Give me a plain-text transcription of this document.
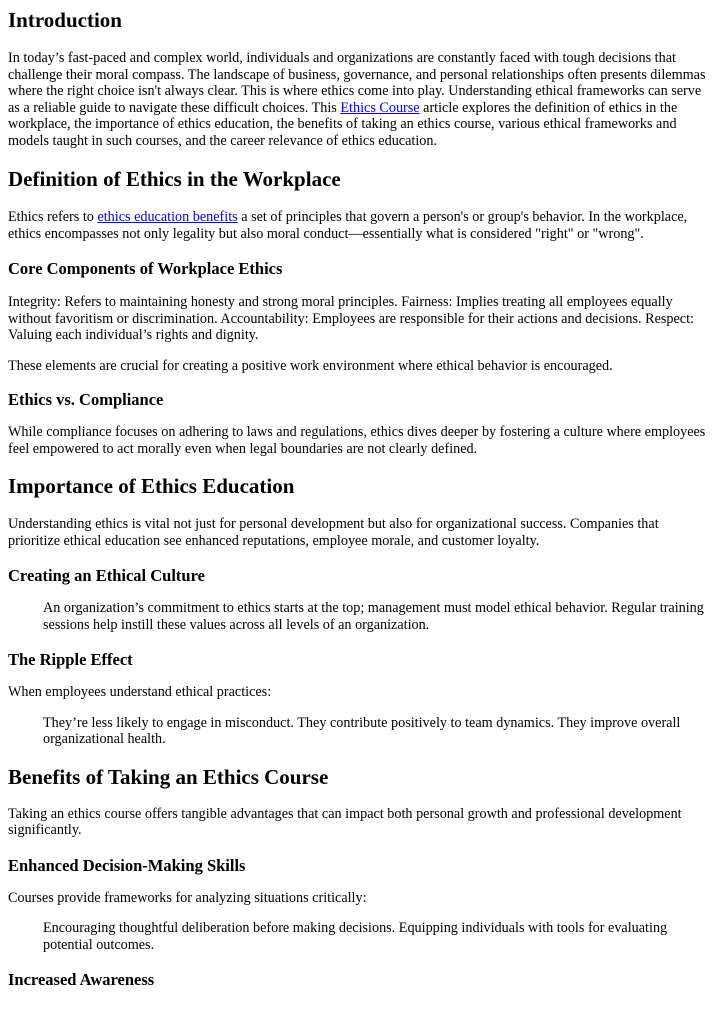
Introduction

In today’s fast-paced and complex world, individuals and organizations are constantly faced with tough decisions that challenge their moral compass. The landscape of business, governance, and personal relationships often presents dilemmas where the right choice isn't always clear. This is where ethics come into play. Understanding ethical frameworks can serve as a reliable guide to navigate these difficult choices. This Ethics Course article explores the definition of ethics in the workplace, the importance of ethics education, the benefits of taking an ethics course, various ethical frameworks and models taught in such courses, and the career relevance of ethics education.

Definition of Ethics in the Workplace

Ethics refers to ethics education benefits a set of principles that govern a person's or group's behavior. In the workplace, ethics encompasses not only legality but also moral conduct—essentially what is considered "right" or "wrong".

Core Components of Workplace Ethics

Integrity: Refers to maintaining honesty and strong moral principles. Fairness: Implies treating all employees equally without favoritism or discrimination. Accountability: Employees are responsible for their actions and decisions. Respect: Valuing each individual’s rights and dignity.

These elements are crucial for creating a positive work environment where ethical behavior is encouraged.

Ethics vs. Compliance

While compliance focuses on adhering to laws and regulations, ethics dives deeper by fostering a culture where employees feel empowered to act morally even when legal boundaries are not clearly defined.

Importance of Ethics Education

Understanding ethics is vital not just for personal development but also for organizational success. Companies that prioritize ethical education see enhanced reputations, employee morale, and customer loyalty.

Creating an Ethical Culture
An organization’s commitment to ethics starts at the top; management must model ethical behavior. Regular training sessions help instill these values across all levels of an organization.
The Ripple Effect

When employees understand ethical practices:

They’re less likely to engage in misconduct. They contribute positively to team dynamics. They improve overall organizational health.
Benefits of Taking an Ethics Course

Taking an ethics course offers tangible advantages that can impact both personal growth and professional development significantly.

Enhanced Decision-Making Skills

Courses provide frameworks for analyzing situations critically:

Encouraging thoughtful deliberation before making decisions. Equipping individuals with tools for evaluating potential outcomes.
Increased Awareness
